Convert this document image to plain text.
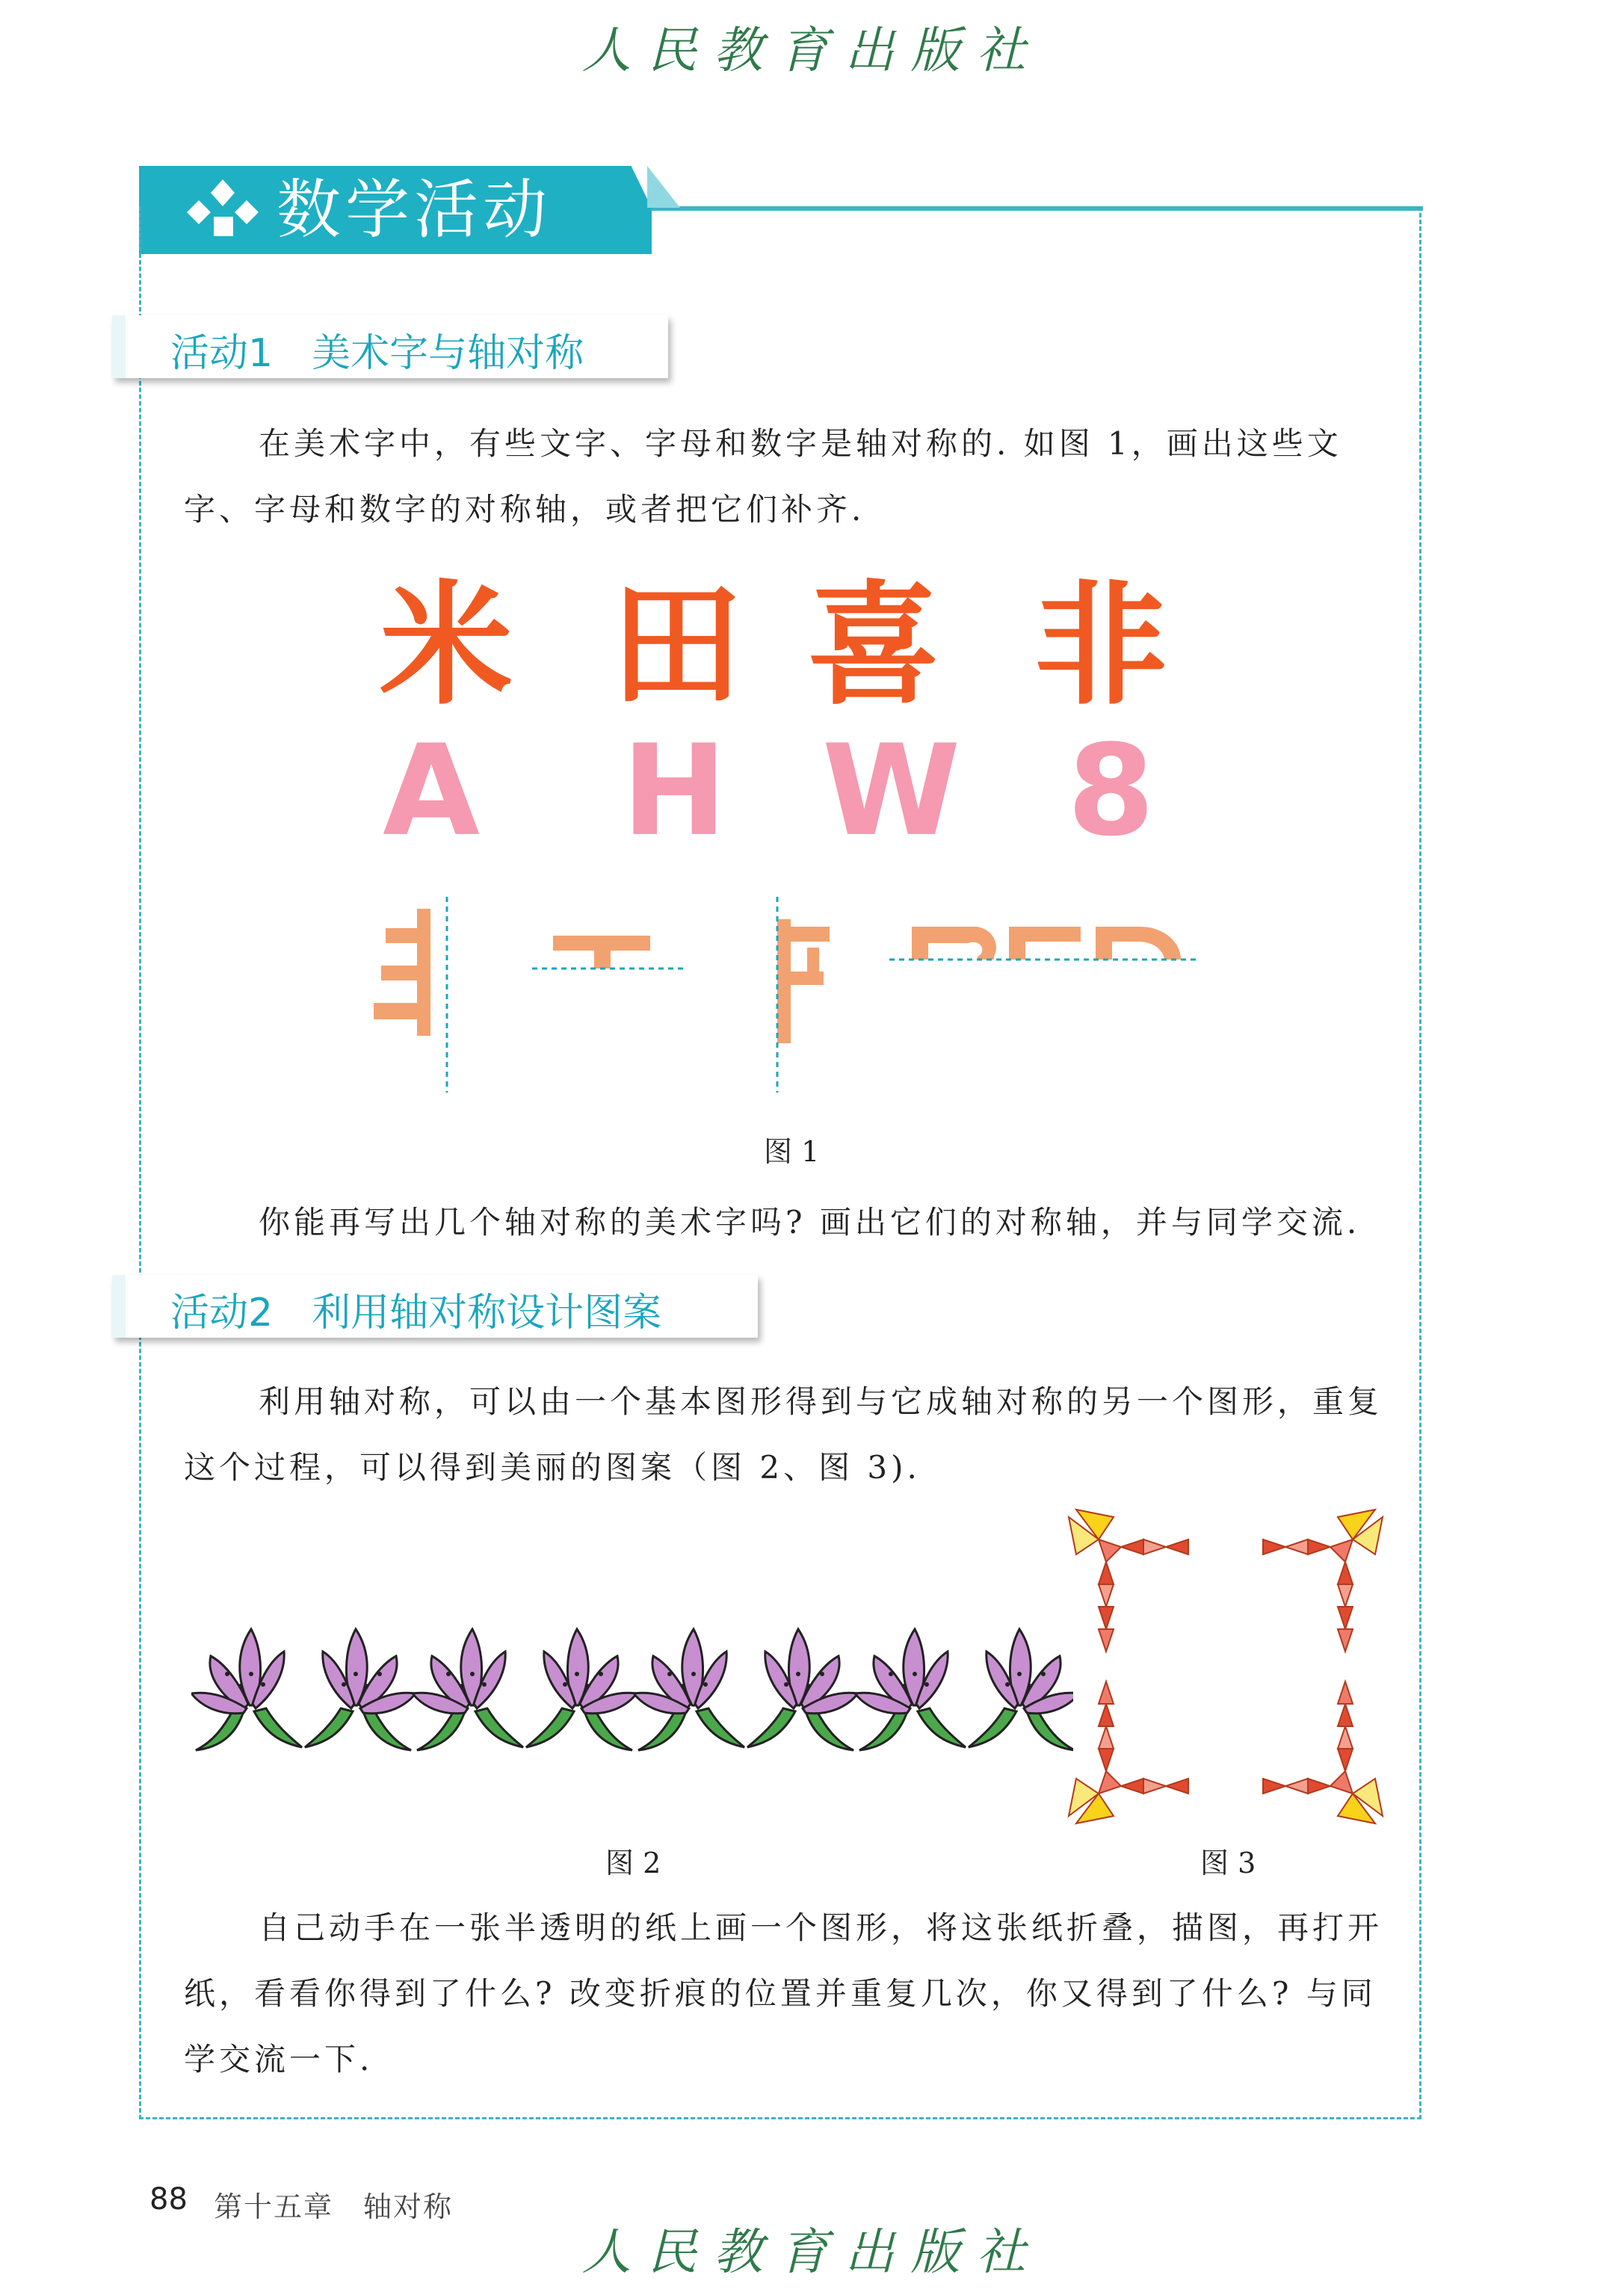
人民教育出版社
数学活动
活动1　美术字与轴对称
在美术字中，有些文字、字母和数字是轴对称的. 如图 1，画出这些文字、字母和数字的对称轴，或者把它们补齐.
米 田 喜 非
A H W 8
图 1
你能再写出几个轴对称的美术字吗? 画出它们的对称轴，并与同学交流.
活动2　利用轴对称设计图案
利用轴对称，可以由一个基本图形得到与它成轴对称的另一个图形，重复这个过程，可以得到美丽的图案（图 2、图 3).
图 2	图 3
自己动手在一张半透明的纸上画一个图形，将这张纸折叠，描图，再打开纸，看看你得到了什么? 改变折痕的位置并重复几次，你又得到了什么? 与同学交流一下.
88 第十五章　轴对称
人民教育出版社
